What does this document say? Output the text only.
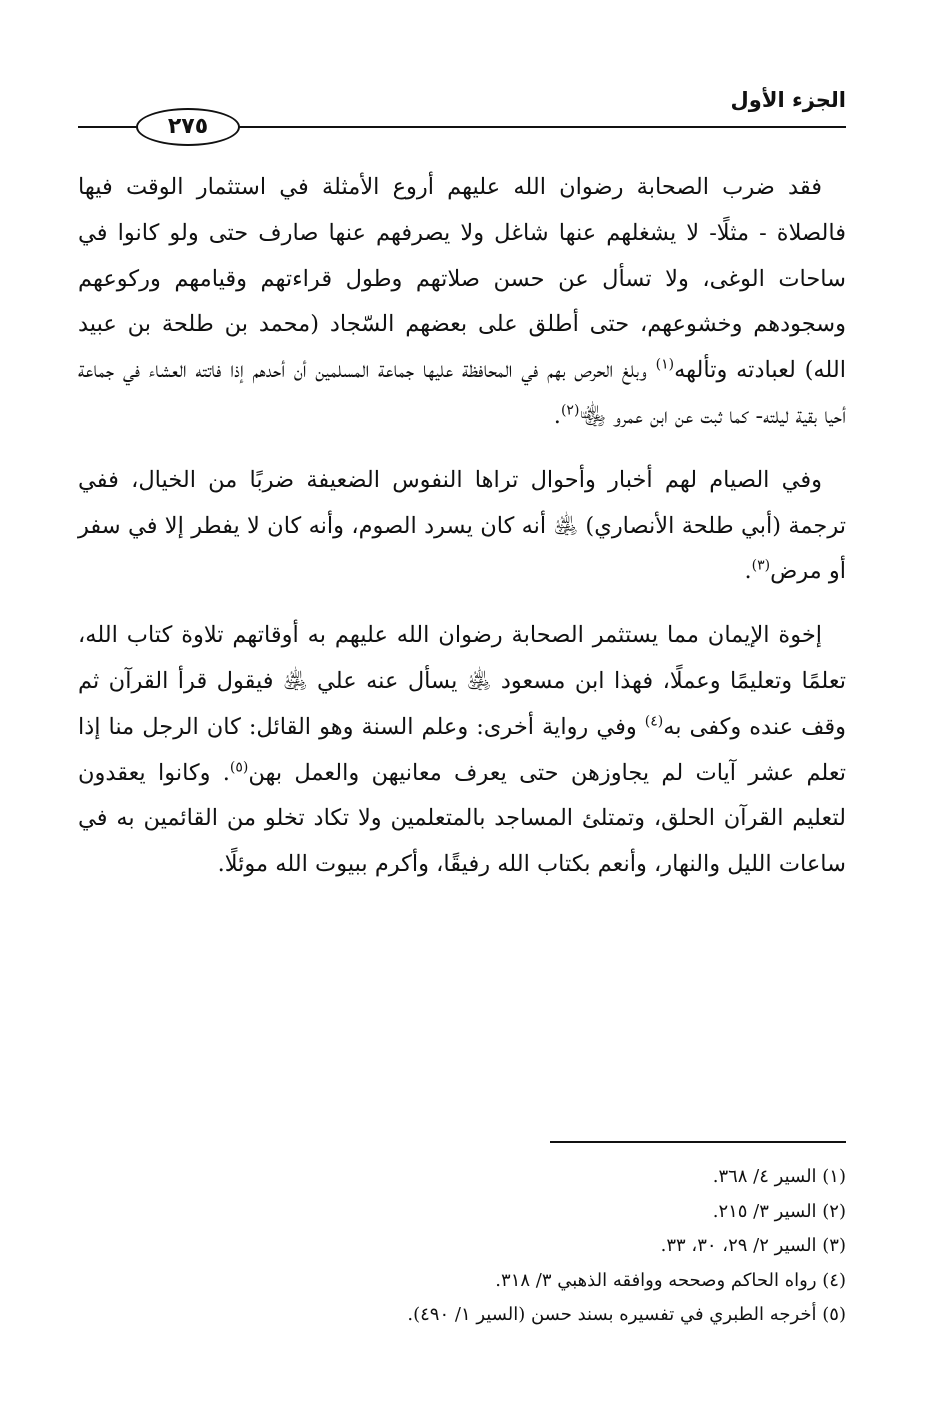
الجزء الأول
٢٧٥

فقد ضرب الصحابة رضوان الله عليهم أروع الأمثلة في استثمار الوقت فيها فالصلاة - مثلًا- لا يشغلهم عنها شاغل ولا يصرفهم عنها صارف حتى ولو كانوا في ساحات الوغى، ولا تسأل عن حسن صلاتهم وطول قراءتهم وقيامهم وركوعهم وسجودهم وخشوعهم، حتى أطلق على بعضهم السّجاد (محمد بن طلحة بن عبيد الله) لعبادته وتألهه$^{(١)}$ وبلغ الحرص بهم في المحافظة عليها جماعة المسلمين أن أحدهم إذا فاتته العشاء في جماعة أحيا بقية ليلته- كما ثبت عن ابن عمرو ﵄$^{(٢)}$.

وفي الصيام لهم أخبار وأحوال تراها النفوس الضعيفة ضربًا من الخيال، ففي ترجمة (أبي طلحة الأنصاري) ﵁ أنه كان يسرد الصوم، وأنه كان لا يفطر إلا في سفر أو مرض$^{(٣)}$.

إخوة الإيمان مما يستثمر الصحابة رضوان الله عليهم به أوقاتهم تلاوة كتاب الله، تعلمًا وتعليمًا وعملًا، فهذا ابن مسعود ﵁ يسأل عنه علي ﵁ فيقول قرأ القرآن ثم وقف عنده وكفى به$^{(٤)}$ وفي رواية أخرى: وعلم السنة وهو القائل: كان الرجل منا إذا تعلم عشر آيات لم يجاوزهن حتى يعرف معانيهن والعمل بهن$^{(٥)}$. وكانوا يعقدون لتعليم القرآن الحلق، وتمتلئ المساجد بالمتعلمين ولا تكاد تخلو من القائمين به في ساعات الليل والنهار، وأنعم بكتاب الله رفيقًا، وأكرم ببيوت الله موئلًا.

(١) السير ٤/ ٣٦٨.
(٢) السير ٣/ ٢١٥.
(٣) السير ٢/ ٢٩، ٣٠، ٣٣.
(٤) رواه الحاكم وصححه ووافقه الذهبي ٣/ ٣١٨.
(٥) أخرجه الطبري في تفسيره بسند حسن (السير ١/ ٤٩٠).
